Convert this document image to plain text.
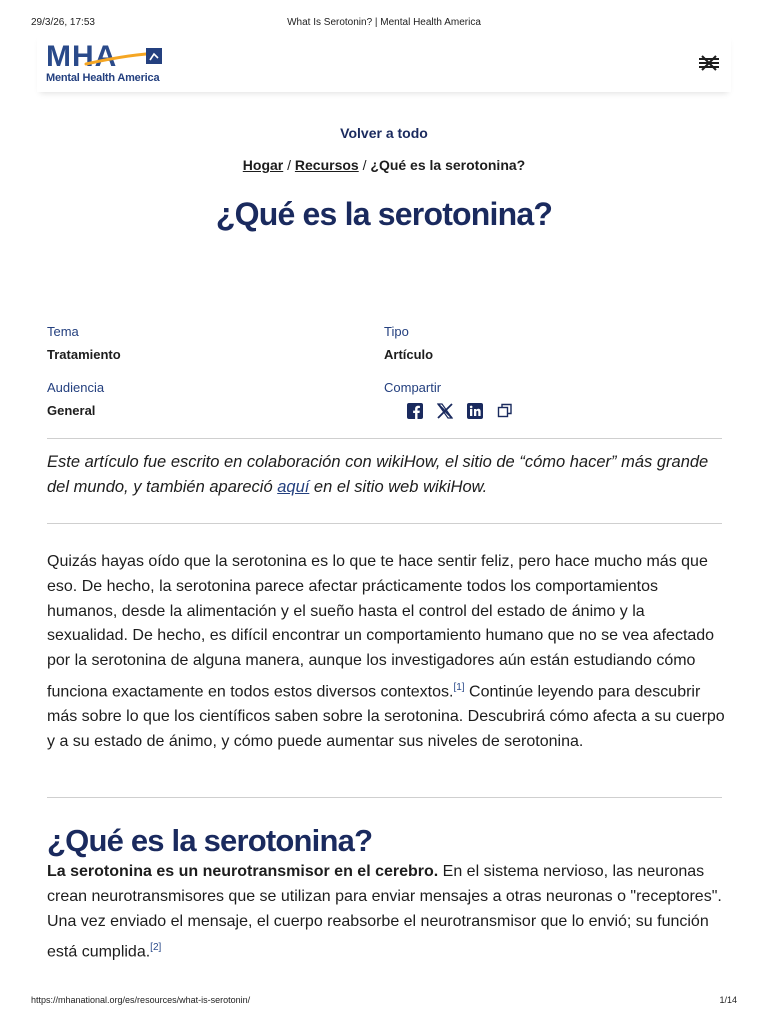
29/3/26, 17:53	What Is Serotonin? | Mental Health America
MHA
Mental Health America
Volver a todo
Hogar / Recursos / ¿Qué es la serotonina?
¿Qué es la serotonina?
Tema
Tratamiento
Tipo
Artículo
Audiencia
General
Compartir

Este artículo fue escrito en colaboración con wikiHow, el sitio de “cómo hacer” más grande del mundo, y también apareció aquí en el sitio web wikiHow.

Quizás hayas oído que la serotonina es lo que te hace sentir feliz, pero hace mucho más que eso. De hecho, la serotonina parece afectar prácticamente todos los comportamientos humanos, desde la alimentación y el sueño hasta el control del estado de ánimo y la sexualidad. De hecho, es difícil encontrar un comportamiento humano que no se vea afectado por la serotonina de alguna manera, aunque los investigadores aún están estudiando cómo funciona exactamente en todos estos diversos contextos.[1] Continúe leyendo para descubrir más sobre lo que los científicos saben sobre la serotonina. Descubrirá cómo afecta a su cuerpo y a su estado de ánimo, y cómo puede aumentar sus niveles de serotonina.

¿Qué es la serotonina?

La serotonina es un neurotransmisor en el cerebro. En el sistema nervioso, las neuronas crean neurotransmisores que se utilizan para enviar mensajes a otras neuronas o "receptores". Una vez enviado el mensaje, el cuerpo reabsorbe el neurotransmisor que lo envió; su función está cumplida.[2]

https://mhanational.org/es/resources/what-is-serotonin/	1/14
